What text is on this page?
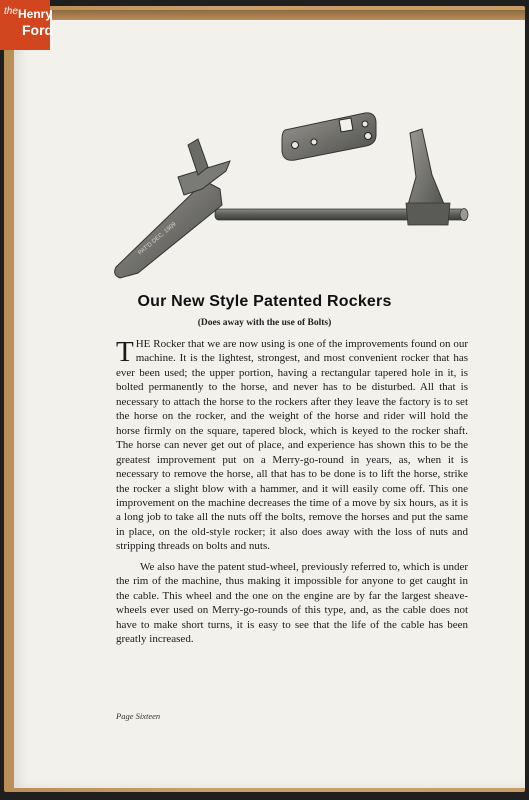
the Henry
Ford
PAT'D DEC. 1909
Our New Style Patented Rockers
(Does away with the use of Bolts)

THE Rocker that we are now using is one of the improvements found on our machine. It is the lightest, strongest, and most convenient rocker that has ever been used; the upper portion, having a rectangular tapered hole in it, is bolted permanently to the horse, and never has to be disturbed. All that is necessary to attach the horse to the rockers after they leave the factory is to set the horse on the rocker, and the weight of the horse and rider will hold the horse firmly on the square, tapered block, which is keyed to the rocker shaft. The horse can never get out of place, and experience has shown this to be the greatest improvement put on a Merry-go-round in years, as, when it is necessary to remove the horse, all that has to be done is to lift the horse, strike the rocker a slight blow with a hammer, and it will easily come off. This one improvement on the machine decreases the time of a move by six hours, as it is a long job to take all the nuts off the bolts, remove the horses and put the same in place, on the old-style rocker; it also does away with the loss of nuts and stripping threads on bolts and nuts.

We also have the patent stud-wheel, previously referred to, which is under the rim of the machine, thus making it impossible for anyone to get caught in the cable. This wheel and the one on the engine are by far the largest sheave-wheels ever used on Merry-go-rounds of this type, and, as the cable does not have to make short turns, it is easy to see that the life of the cable has been greatly increased.

Page Sixteen
